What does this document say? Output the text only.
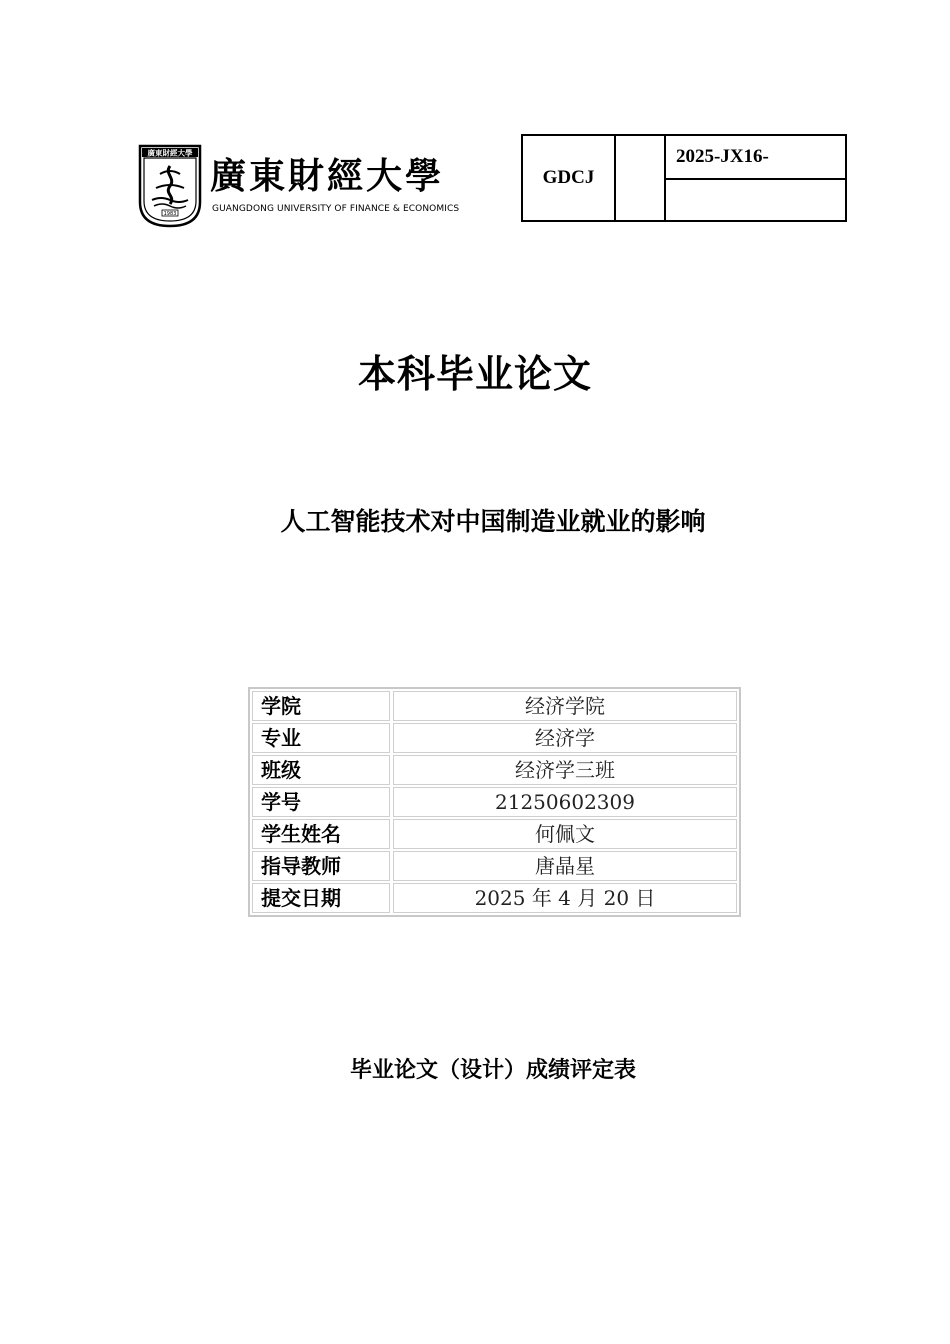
廣東財經大學
1983
廣東財經大學
GUANGDONG UNIVERSITY OF FINANCE & ECONOMICS
GDCJ
2025-JX16-
本科毕业论文
人工智能技术对中国制造业就业的影响
学院	经济学院
专业	经济学
班级	经济学三班
学号	21250602309
学生姓名	何佩文
指导教师	唐晶星
提交日期	2025 年 4 月 20 日
毕业论文（设计）成绩评定表
